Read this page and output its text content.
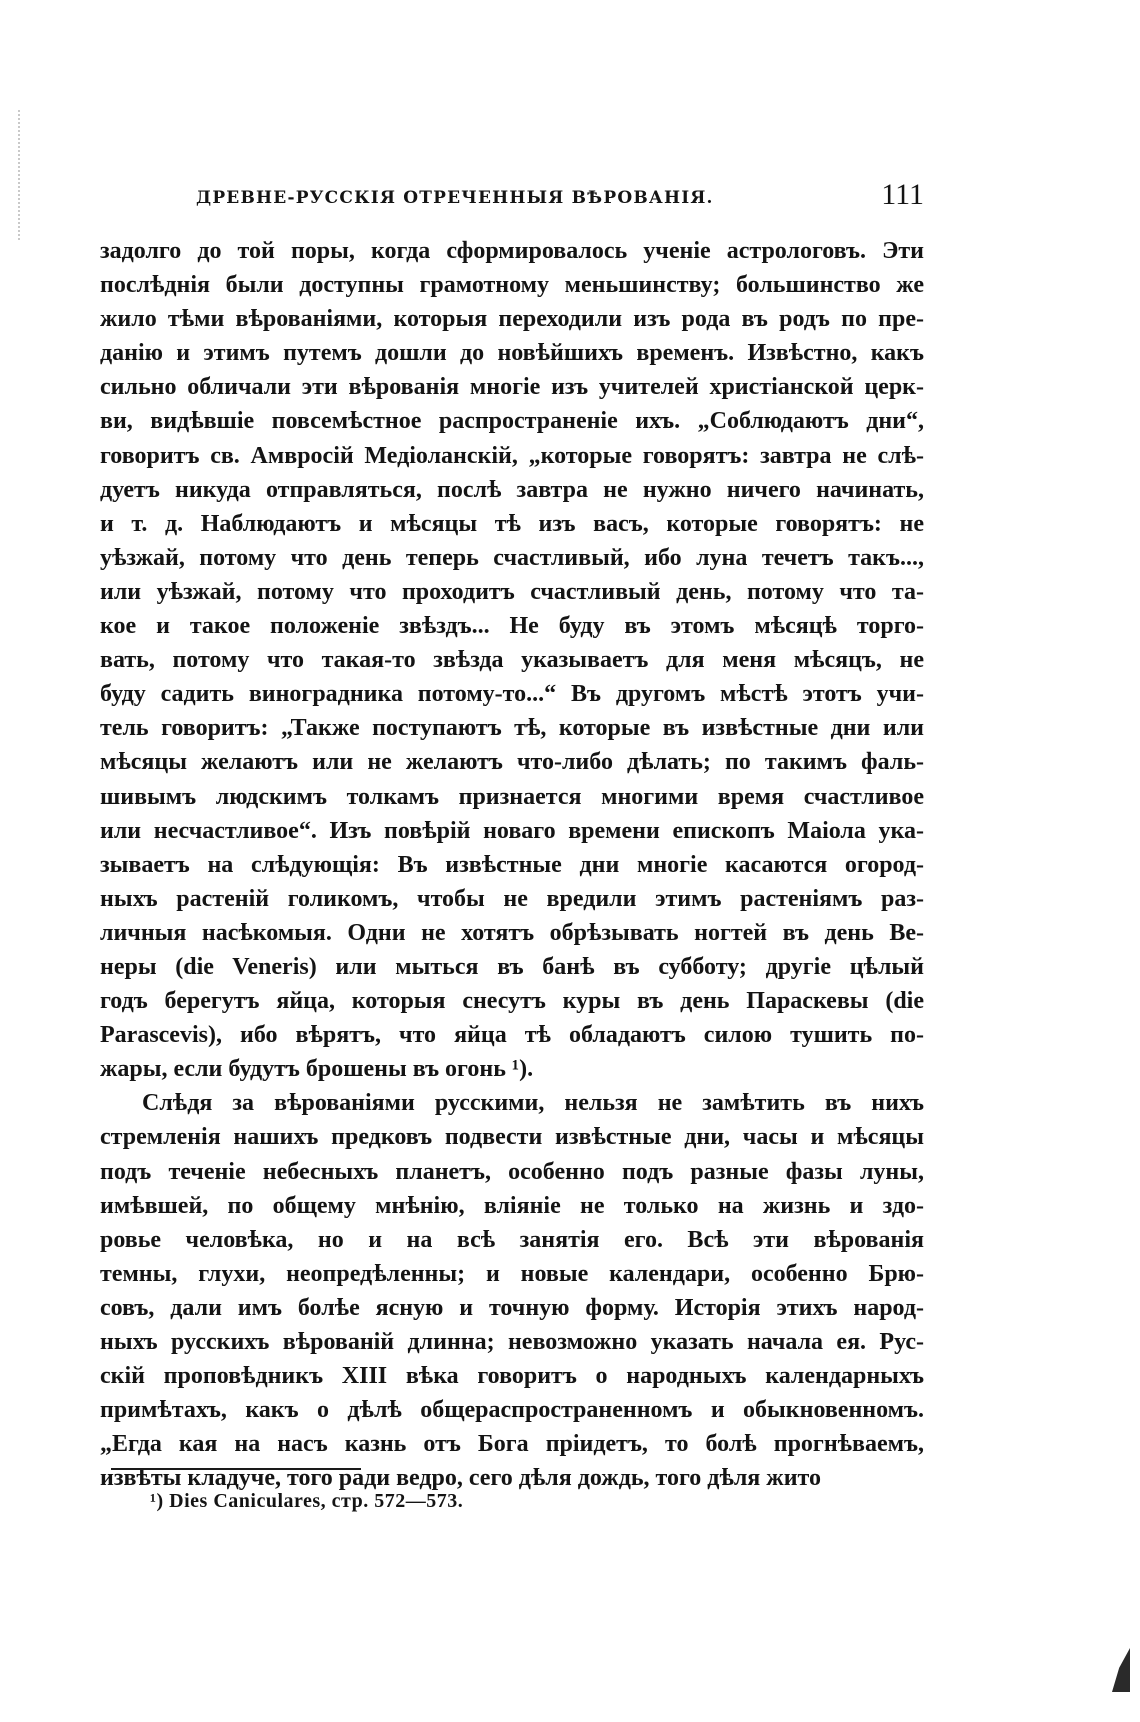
ДРЕВНЕ-РУССКІЯ ОТРЕЧЕННЫЯ ВѢРОВАНІЯ.	111
задолго до той поры, когда сформировалось ученіе астрологовъ. Эти
послѣднія были доступны грамотному меньшинству; большинство же
жило тѣми вѣрованіями, которыя переходили изъ рода въ родъ по пре-
данію и этимъ путемъ дошли до новѣйшихъ временъ. Извѣстно, какъ
сильно обличали эти вѣрованія многіе изъ учителей христіанской церк-
ви, видѣвшіе повсемѣстное распространеніе ихъ. „Соблюдаютъ дни“,
говоритъ св. Амвросій Медіоланскій, „которые говорятъ: завтра не слѣ-
дуетъ никуда отправляться, послѣ завтра не нужно ничего начинать,
и т. д. Наблюдаютъ и мѣсяцы тѣ изъ васъ, которые говорятъ: не
уѣзжай, потому что день теперь счастливый, ибо луна течетъ такъ...,
или уѣзжай, потому что проходитъ счастливый день, потому что та-
кое и такое положеніе звѣздъ... Не буду въ этомъ мѣсяцѣ торго-
вать, потому что такая-то звѣзда указываетъ для меня мѣсяцъ, не
буду садить виноградника потому-то...“ Въ другомъ мѣстѣ этотъ учи-
тель говоритъ: „Также поступаютъ тѣ, которые въ извѣстные дни или
мѣсяцы желаютъ или не желаютъ что-либо дѣлать; по такимъ фаль-
шивымъ людскимъ толкамъ признается многими время счастливое
или несчастливое“. Изъ повѣрій новаго времени епископъ Маіола ука-
зываетъ на слѣдующія: Въ извѣстные дни многіе касаются огород-
ныхъ растеній голикомъ, чтобы не вредили этимъ растеніямъ раз-
личныя насѣкомыя. Одни не хотятъ обрѣзывать ногтей въ день Ве-
неры (die Veneris) или мыться въ банѣ въ субботу; другіе цѣлый
годъ берегутъ яйца, которыя снесутъ куры въ день Параскевы (die
Parascevis), ибо вѣрятъ, что яйца тѣ обладаютъ силою тушить по-
жары, если будутъ брошены въ огонь ¹).
Слѣдя за вѣрованіями русскими, нельзя не замѣтить въ нихъ
стремленія нашихъ предковъ подвести извѣстные дни, часы и мѣсяцы
подъ теченіе небесныхъ планетъ, особенно подъ разные фазы луны,
имѣвшей, по общему мнѣнію, вліяніе не только на жизнь и здо-
ровье человѣка, но и на всѣ занятія его. Всѣ эти вѣрованія
темны, глухи, неопредѣленны; и новые календари, особенно Брю-
совъ, дали имъ болѣе ясную и точную форму. Исторія этихъ народ-
ныхъ русскихъ вѣрованій длинна; невозможно указать начала ея. Рус-
скій проповѣдникъ XIII вѣка говоритъ о народныхъ календарныхъ
примѣтахъ, какъ о дѣлѣ общераспространенномъ и обыкновенномъ.
„Егда кая на насъ казнь отъ Бога пріидетъ, то болѣ прогнѣваемъ,
извѣты кладуче, того ради ведро, сего дѣля дождь, того дѣля жито
¹) Dies Caniculares, стр. 572—573.
